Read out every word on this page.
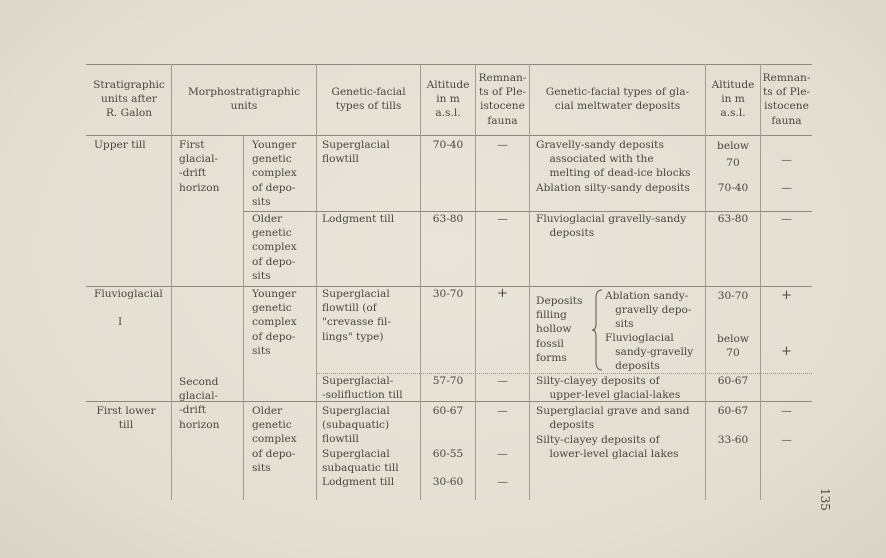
Stratigraphic
units after
R. Galon
Morphostratigraphic
units
Genetic-facial
types of tills
Altitude
in m
a.s.l.
Remnan-
ts of Ple-
istocene
fauna
Genetic-facial types of gla-
cial meltwater deposits
Altitude
in m
a.s.l.
Remnan-
ts of Ple-
istocene
fauna
Upper till
Fluvioglacial
I
First lower
till
First
glacial-
-drift
horizon
Second
glacial-
-drift
horizon
Younger
genetic
complex
of depo-
sits
Older
genetic
complex
of depo-
sits
Younger
genetic
complex
of depo-
sits
Older
genetic
complex
of depo-
sits
Superglacial
flowtill
Lodgment till
Superglacial
flowtill (of
"crevasse fil-
lings" type)
Superglacial-
-solifluction till
Superglacial
(subaquatic)
flowtill
Superglacial
subaquatic till
Lodgment till
70-40
63-80
30-70
57-70
60-67
60-55
30-60
—
—
+
—
—
—
—
Gravelly-sandy deposits
associated with the
melting of dead-ice blocks
Ablation silty-sandy deposits
Fluvioglacial gravelly-sandy
deposits
Deposits
filling
hollow
fossil
forms
Ablation sandy-
gravelly depo-
sits
Fluvioglacial
sandy-gravelly
deposits
Silty-clayey deposits of
upper-level glacial-lakes
Superglacial grave and sand
deposits
Silty-clayey deposits of
lower-level glacial lakes
below
70
70-40
63-80
30-70
below
70
60-67
60-67
33-60
—
—
—
+
+
—
—
135
